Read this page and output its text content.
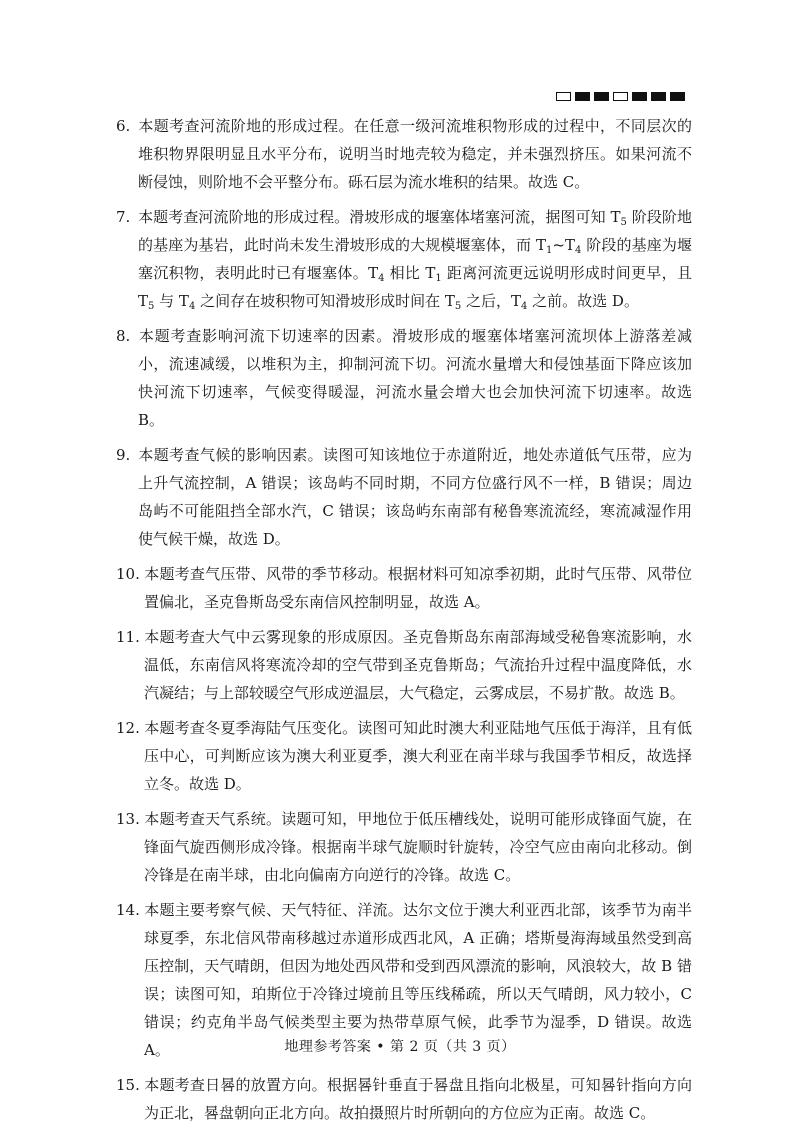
6. 本题考查河流阶地的形成过程。在任意一级河流堆积物形成的过程中，不同层次的堆积物界限明显且水平分布，说明当时地壳较为稳定，并未强烈挤压。如果河流不断侵蚀，则阶地不会平整分布。砾石层为流水堆积的结果。故选 C。
7. 本题考查河流阶地的形成过程。滑坡形成的堰塞体堵塞河流，据图可知 $T_5$ 阶段阶地的基座为基岩，此时尚未发生滑坡形成的大规模堰塞体，而 $T_1\sim T_4$ 阶段的基座为堰塞沉积物，表明此时已有堰塞体。$T_4$ 相比 $T_1$ 距离河流更远说明形成时间更早，且 $T_5$ 与 $T_4$ 之间存在坡积物可知滑坡形成时间在 $T_5$ 之后，$T_4$ 之前。故选 D。
8. 本题考查影响河流下切速率的因素。滑坡形成的堰塞体堵塞河流坝体上游落差减小，流速减缓，以堆积为主，抑制河流下切。河流水量增大和侵蚀基面下降应该加快河流下切速率，气候变得暖湿，河流水量会增大也会加快河流下切速率。故选 B。
9. 本题考查气候的影响因素。读图可知该地位于赤道附近，地处赤道低气压带，应为上升气流控制，A 错误；该岛屿不同时期，不同方位盛行风不一样，B 错误；周边岛屿不可能阻挡全部水汽，C 错误；该岛屿东南部有秘鲁寒流流经，寒流减湿作用使气候干燥，故选 D。
10. 本题考查气压带、风带的季节移动。根据材料可知凉季初期，此时气压带、风带位置偏北，圣克鲁斯岛受东南信风控制明显，故选 A。
11. 本题考查大气中云雾现象的形成原因。圣克鲁斯岛东南部海域受秘鲁寒流影响，水温低，东南信风将寒流冷却的空气带到圣克鲁斯岛；气流抬升过程中温度降低，水汽凝结；与上部较暖空气形成逆温层，大气稳定，云雾成层，不易扩散。故选 B。
12. 本题考查冬夏季海陆气压变化。读图可知此时澳大利亚陆地气压低于海洋，且有低压中心，可判断应该为澳大利亚夏季，澳大利亚在南半球与我国季节相反，故选择立冬。故选 D。
13. 本题考查天气系统。读题可知，甲地位于低压槽线处，说明可能形成锋面气旋，在锋面气旋西侧形成冷锋。根据南半球气旋顺时针旋转，冷空气应由南向北移动。倒冷锋是在南半球，由北向偏南方向逆行的冷锋。故选 C。
14. 本题主要考察气候、天气特征、洋流。达尔文位于澳大利亚西北部，该季节为南半球夏季，东北信风带南移越过赤道形成西北风，A 正确；塔斯曼海海域虽然受到高压控制，天气晴朗，但因为地处西风带和受到西风漂流的影响，风浪较大，故 B 错误；读图可知，珀斯位于冷锋过境前且等压线稀疏，所以天气晴朗，风力较小，C 错误；约克角半岛气候类型主要为热带草原气候，此季节为湿季，D 错误。故选 A。
15. 本题考查日晷的放置方向。根据晷针垂直于晷盘且指向北极星，可知晷针指向方向为正北，晷盘朝向正北方向。故拍摄照片时所朝向的方位应为正南。故选 C。
地理参考答案 • 第 2 页（共 3 页）
